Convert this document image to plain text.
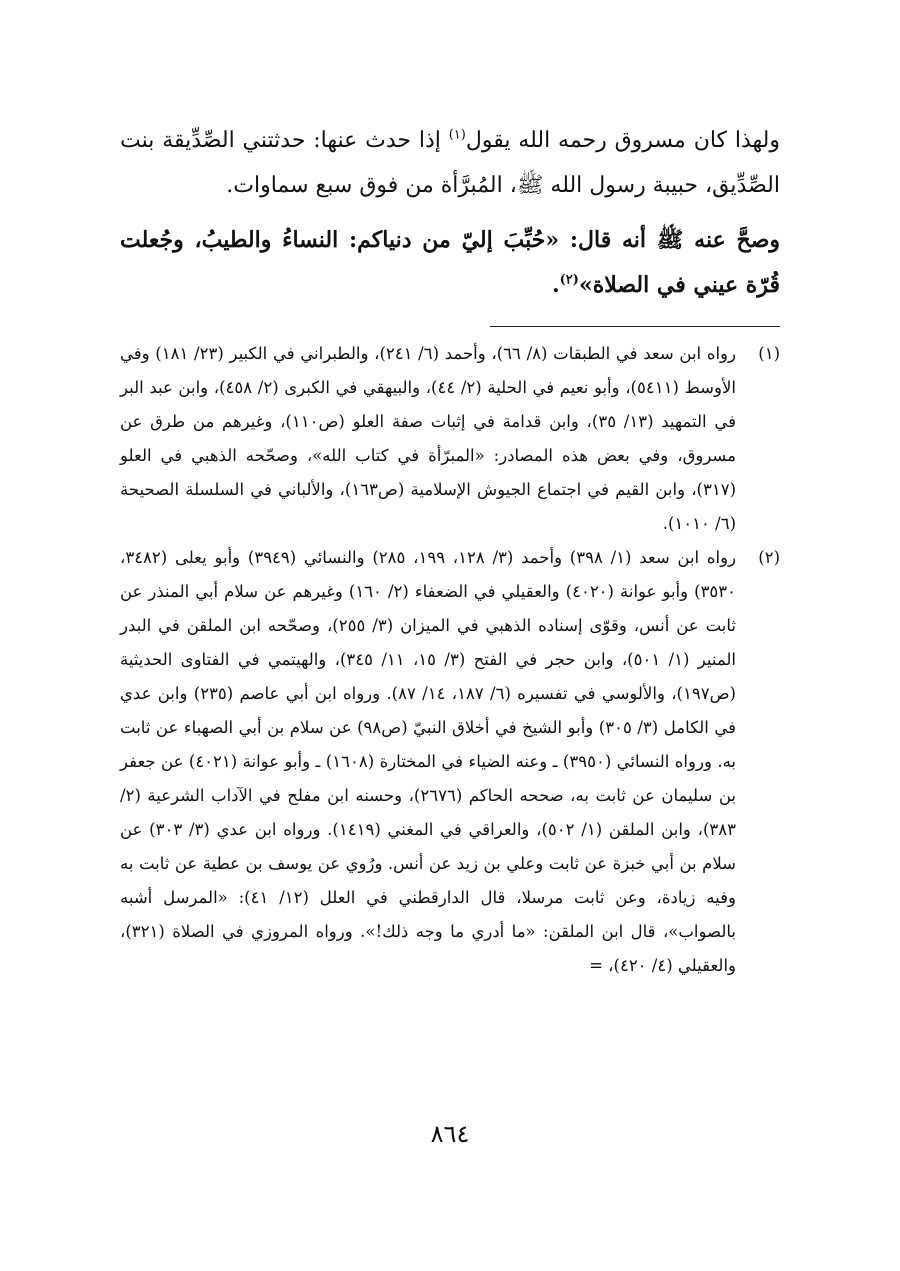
ولهذا كان مسروق رحمه الله يقول$^{(١)}$ إذا حدث عنها: حدثتني الصِّدِّيقة بنت الصِّدِّيق، حبيبة رسول الله ﷺ، المُبرَّأة من فوق سبع سماوات.

وصحَّ عنه ﷺ أنه قال: «حُبِّبَ إليّ من دنياكم: النساءُ والطيبُ، وجُعلت قُرّة عيني في الصلاة»$^{(٢)}$.

(١)
رواه ابن سعد في الطبقات (٨/ ٦٦)، وأحمد (٦/ ٢٤١)، والطبراني في الكبير (٢٣/ ١٨١) وفي الأوسط (٥٤١١)، وأبو نعيم في الحلية (٢/ ٤٤)، والبيهقي في الكبرى (٢/ ٤٥٨)، وابن عبد البر في التمهيد (١٣/ ٣٥)، وابن قدامة في إثبات صفة العلو (ص١١٠)، وغيرهم من طرق عن مسروق، وفي بعض هذه المصادر: «المبرّأة في كتاب الله»، وصحّحه الذهبي في العلو (٣١٧)، وابن القيم في اجتماع الجيوش الإسلامية (ص١٦٣)، والألباني في السلسلة الصحيحة (٦/ ١٠١٠).
(٢)
رواه ابن سعد (١/ ٣٩٨) وأحمد (٣/ ١٢٨، ١٩٩، ٢٨٥) والنسائي (٣٩٤٩) وأبو يعلى (٣٤٨٢، ٣٥٣٠) وأبو عوانة (٤٠٢٠) والعقيلي في الضعفاء (٢/ ١٦٠) وغيرهم عن سلام أبي المنذر عن ثابت عن أنس، وقوّى إسناده الذهبي في الميزان (٣/ ٢٥٥)، وصحّحه ابن الملقن في البدر المنير (١/ ٥٠١)، وابن حجر في الفتح (٣/ ١٥، ١١/ ٣٤٥)، والهيتمي في الفتاوى الحديثية (ص١٩٧)، والألوسي في تفسيره (٦/ ١٨٧، ١٤/ ٨٧). ورواه ابن أبي عاصم (٢٣٥) وابن عدي في الكامل (٣/ ٣٠٥) وأبو الشيخ في أخلاق النبيّ (ص٩٨) عن سلام بن أبي الصهباء عن ثابت به. ورواه النسائي (٣٩٥٠) ـ وعنه الضياء في المختارة (١٦٠٨) ـ وأبو عوانة (٤٠٢١) عن جعفر بن سليمان عن ثابت به، صححه الحاكم (٢٦٧٦)، وحسنه ابن مفلح في الآداب الشرعية (٢/ ٣٨٣)، وابن الملقن (١/ ٥٠٢)، والعراقي في المغني (١٤١٩). ورواه ابن عدي (٣/ ٣٠٣) عن سلام بن أبي خبزة عن ثابت وعلي بن زيد عن أنس. ورُوي عن يوسف بن عطية عن ثابت به وفيه زيادة، وعن ثابت مرسلا، قال الدارقطني في العلل (١٢/ ٤١): «المرسل أشبه بالصواب»، قال ابن الملقن: «ما أدري ما وجه ذلك!». ورواه المروزي في الصلاة (٣٢١)، والعقيلي (٤/ ٤٢٠)، =
٨٦٤
